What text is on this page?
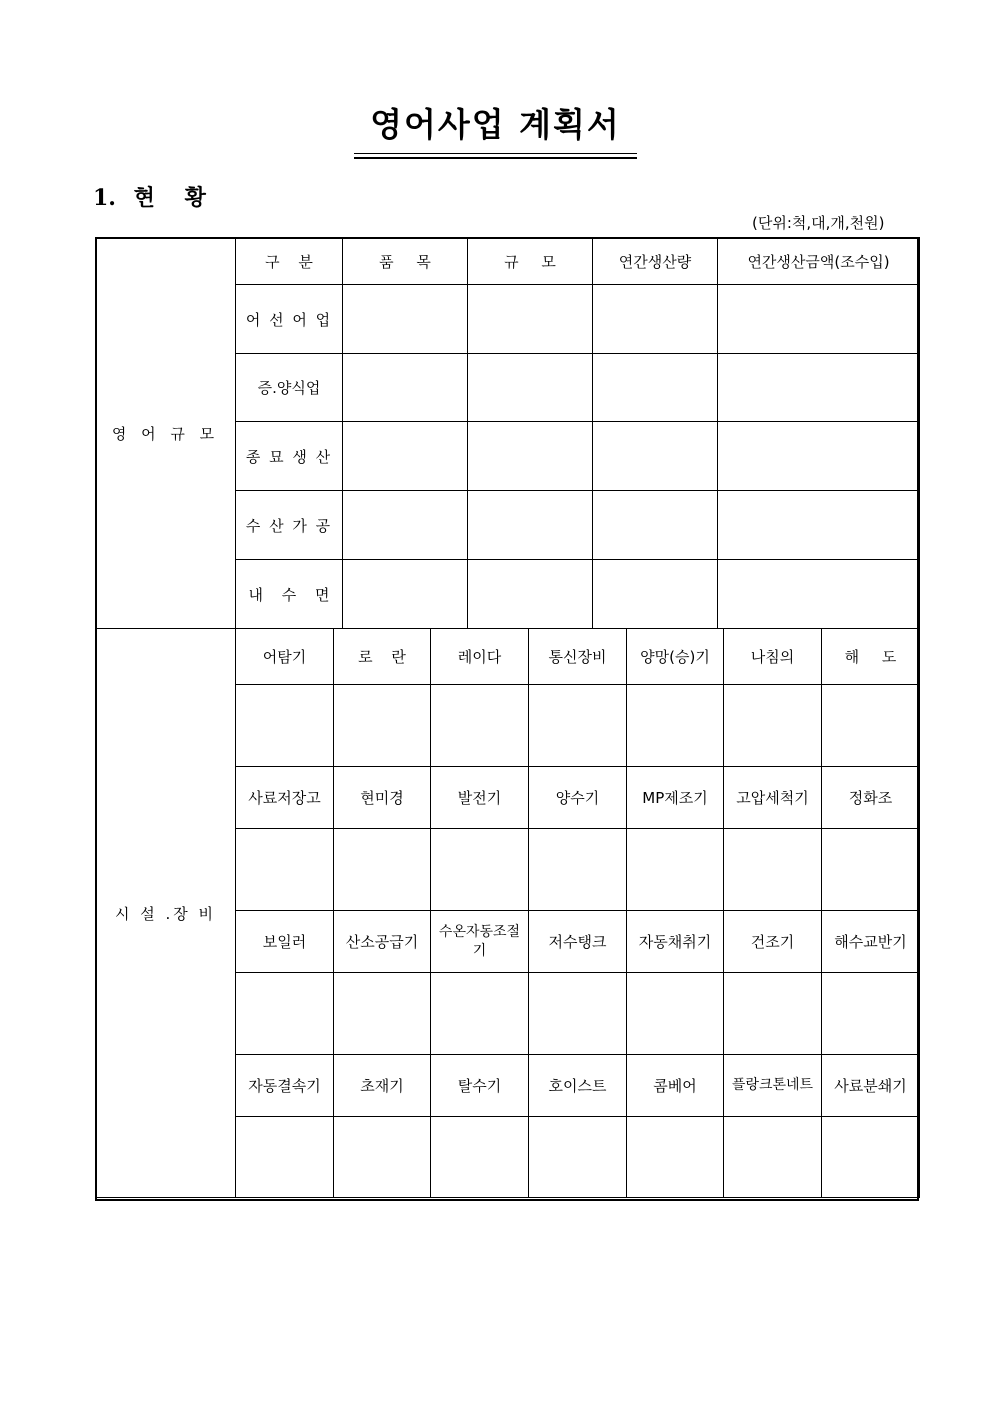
영어사업 계획서
1. 현 황
(단위:척,대,개,천원)
영 어 규 모	구 분	품 목	규 모	연간생산량	연간생산금액(조수입)
	어 선 어 업				
	증.양식업				
	종 묘 생 산				
	수 산 가 공				
	내 수 면				
시 설 .장 비	어탐기	로 란	레이다	통신장비	양망(승)기	나침의	해 도

	사료저장고	현미경	발전기	양수기	MP제조기	고압세척기	정화조

	보일러	산소공급기	수온자동조절기	저수탱크	자동채취기	건조기	해수교반기

	자동결속기	초재기	탈수기	호이스트	콤베어	플랑크톤네트	사료분쇄기
